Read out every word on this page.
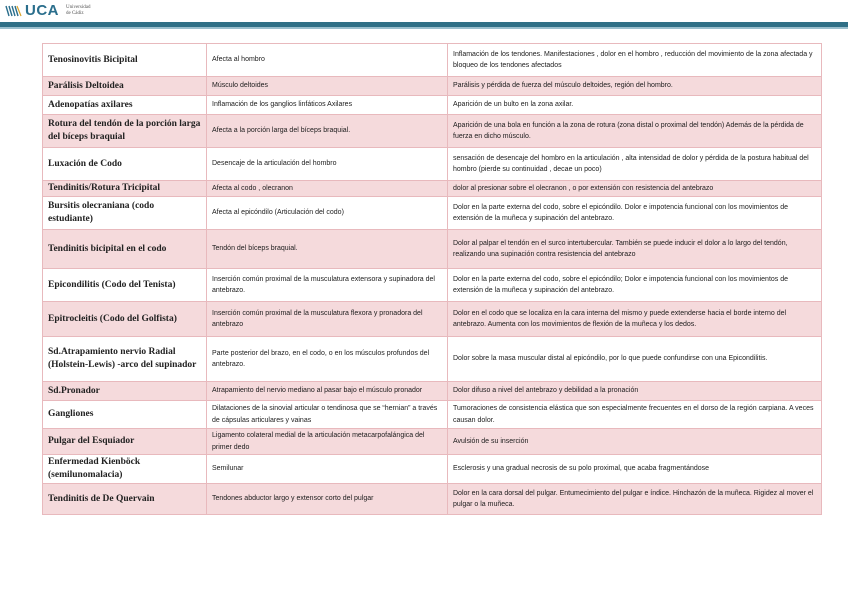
UCA Universidad
de Cádiz
Tenosinovitis Bicipital	Afecta al hombro	Inflamación de los tendones. Manifestaciones , dolor en el hombro , reducción del movimiento de la zona afectada y bloqueo de los tendones afectados
Parálisis Deltoidea	Músculo deltoides	Parálisis y pérdida de fuerza del músculo deltoides, región del hombro.
Adenopatías axilares	Inflamación de los ganglios linfáticos Axilares	Aparición de un bulto en la zona axilar.
Rotura del tendón de la porción larga del bíceps braquial	Afecta a la porción larga del bíceps braquial.	Aparición de una bola en función a la zona de rotura (zona distal o proximal del tendón) Además de la pérdida de fuerza en dicho músculo.
Luxación de Codo	Desencaje de la articulación del hombro	sensación de desencaje del hombro en la articulación , alta intensidad de dolor y pérdida de la postura habitual del hombro (pierde su continuidad , decae un poco)
Tendinitis/Rotura Tricipital	Afecta al codo , olecranon	dolor al presionar sobre el olecranon , o por extensión con resistencia del antebrazo
Bursitis olecraniana (codo estudiante)	Afecta al epicóndilo (Articulación del codo)	Dolor en la parte externa del codo, sobre el epicóndilo. Dolor e impotencia funcional con los movimientos de extensión de la muñeca y supinación del antebrazo.
Tendinitis bicipital en el codo	Tendón del bíceps braquial.	Dolor al palpar el tendón en el surco intertubercular. También se puede inducir el dolor a lo largo del tendón, realizando una supinación contra resistencia del antebrazo
Epicondilitis (Codo del Tenista)	Inserción común proximal de la musculatura extensora y supinadora del antebrazo.	Dolor en la parte externa del codo, sobre el epicóndilo; Dolor e impotencia funcional con los movimientos de extensión de la muñeca y supinación del antebrazo.
Epitrocleitis (Codo del Golfista)	Inserción común proximal de la musculatura flexora y pronadora del antebrazo	Dolor en el codo que se localiza en la cara interna del mismo y puede extenderse hacia el borde interno del antebrazo. Aumenta con los movimientos de flexión de la muñeca y los dedos.
Sd.Atrapamiento nervio Radial (Holstein-Lewis) -arco del supinador	Parte posterior del brazo, en el codo, o en los músculos profundos del antebrazo.	Dolor sobre la masa muscular distal al epicóndilo, por lo que puede confundirse con una Epicondilitis.
Sd.Pronador	Atrapamiento del nervio mediano al pasar bajo el músculo pronador	Dolor difuso a nivel del antebrazo y debilidad a la pronación
Gangliones	Dilataciones de la sinovial articular o tendinosa que se “hernian” a través de cápsulas articulares y vainas	Tumoraciones de consistencia elástica que son especialmente frecuentes en el dorso de la región carpiana. A veces causan dolor.
Pulgar del Esquiador	Ligamento colateral medial de la articulación metacarpofalángica del primer dedo	Avulsión de su inserción
Enfermedad Kienböck (semilunomalacia)	Semilunar	Esclerosis y una gradual necrosis de su polo proximal, que acaba fragmentándose
Tendinitis de De Quervain	Tendones abductor largo y extensor corto del pulgar	Dolor en la cara dorsal del pulgar. Entumecimiento del pulgar e índice. Hinchazón de la muñeca. Rigidez al mover el pulgar o la muñeca.
